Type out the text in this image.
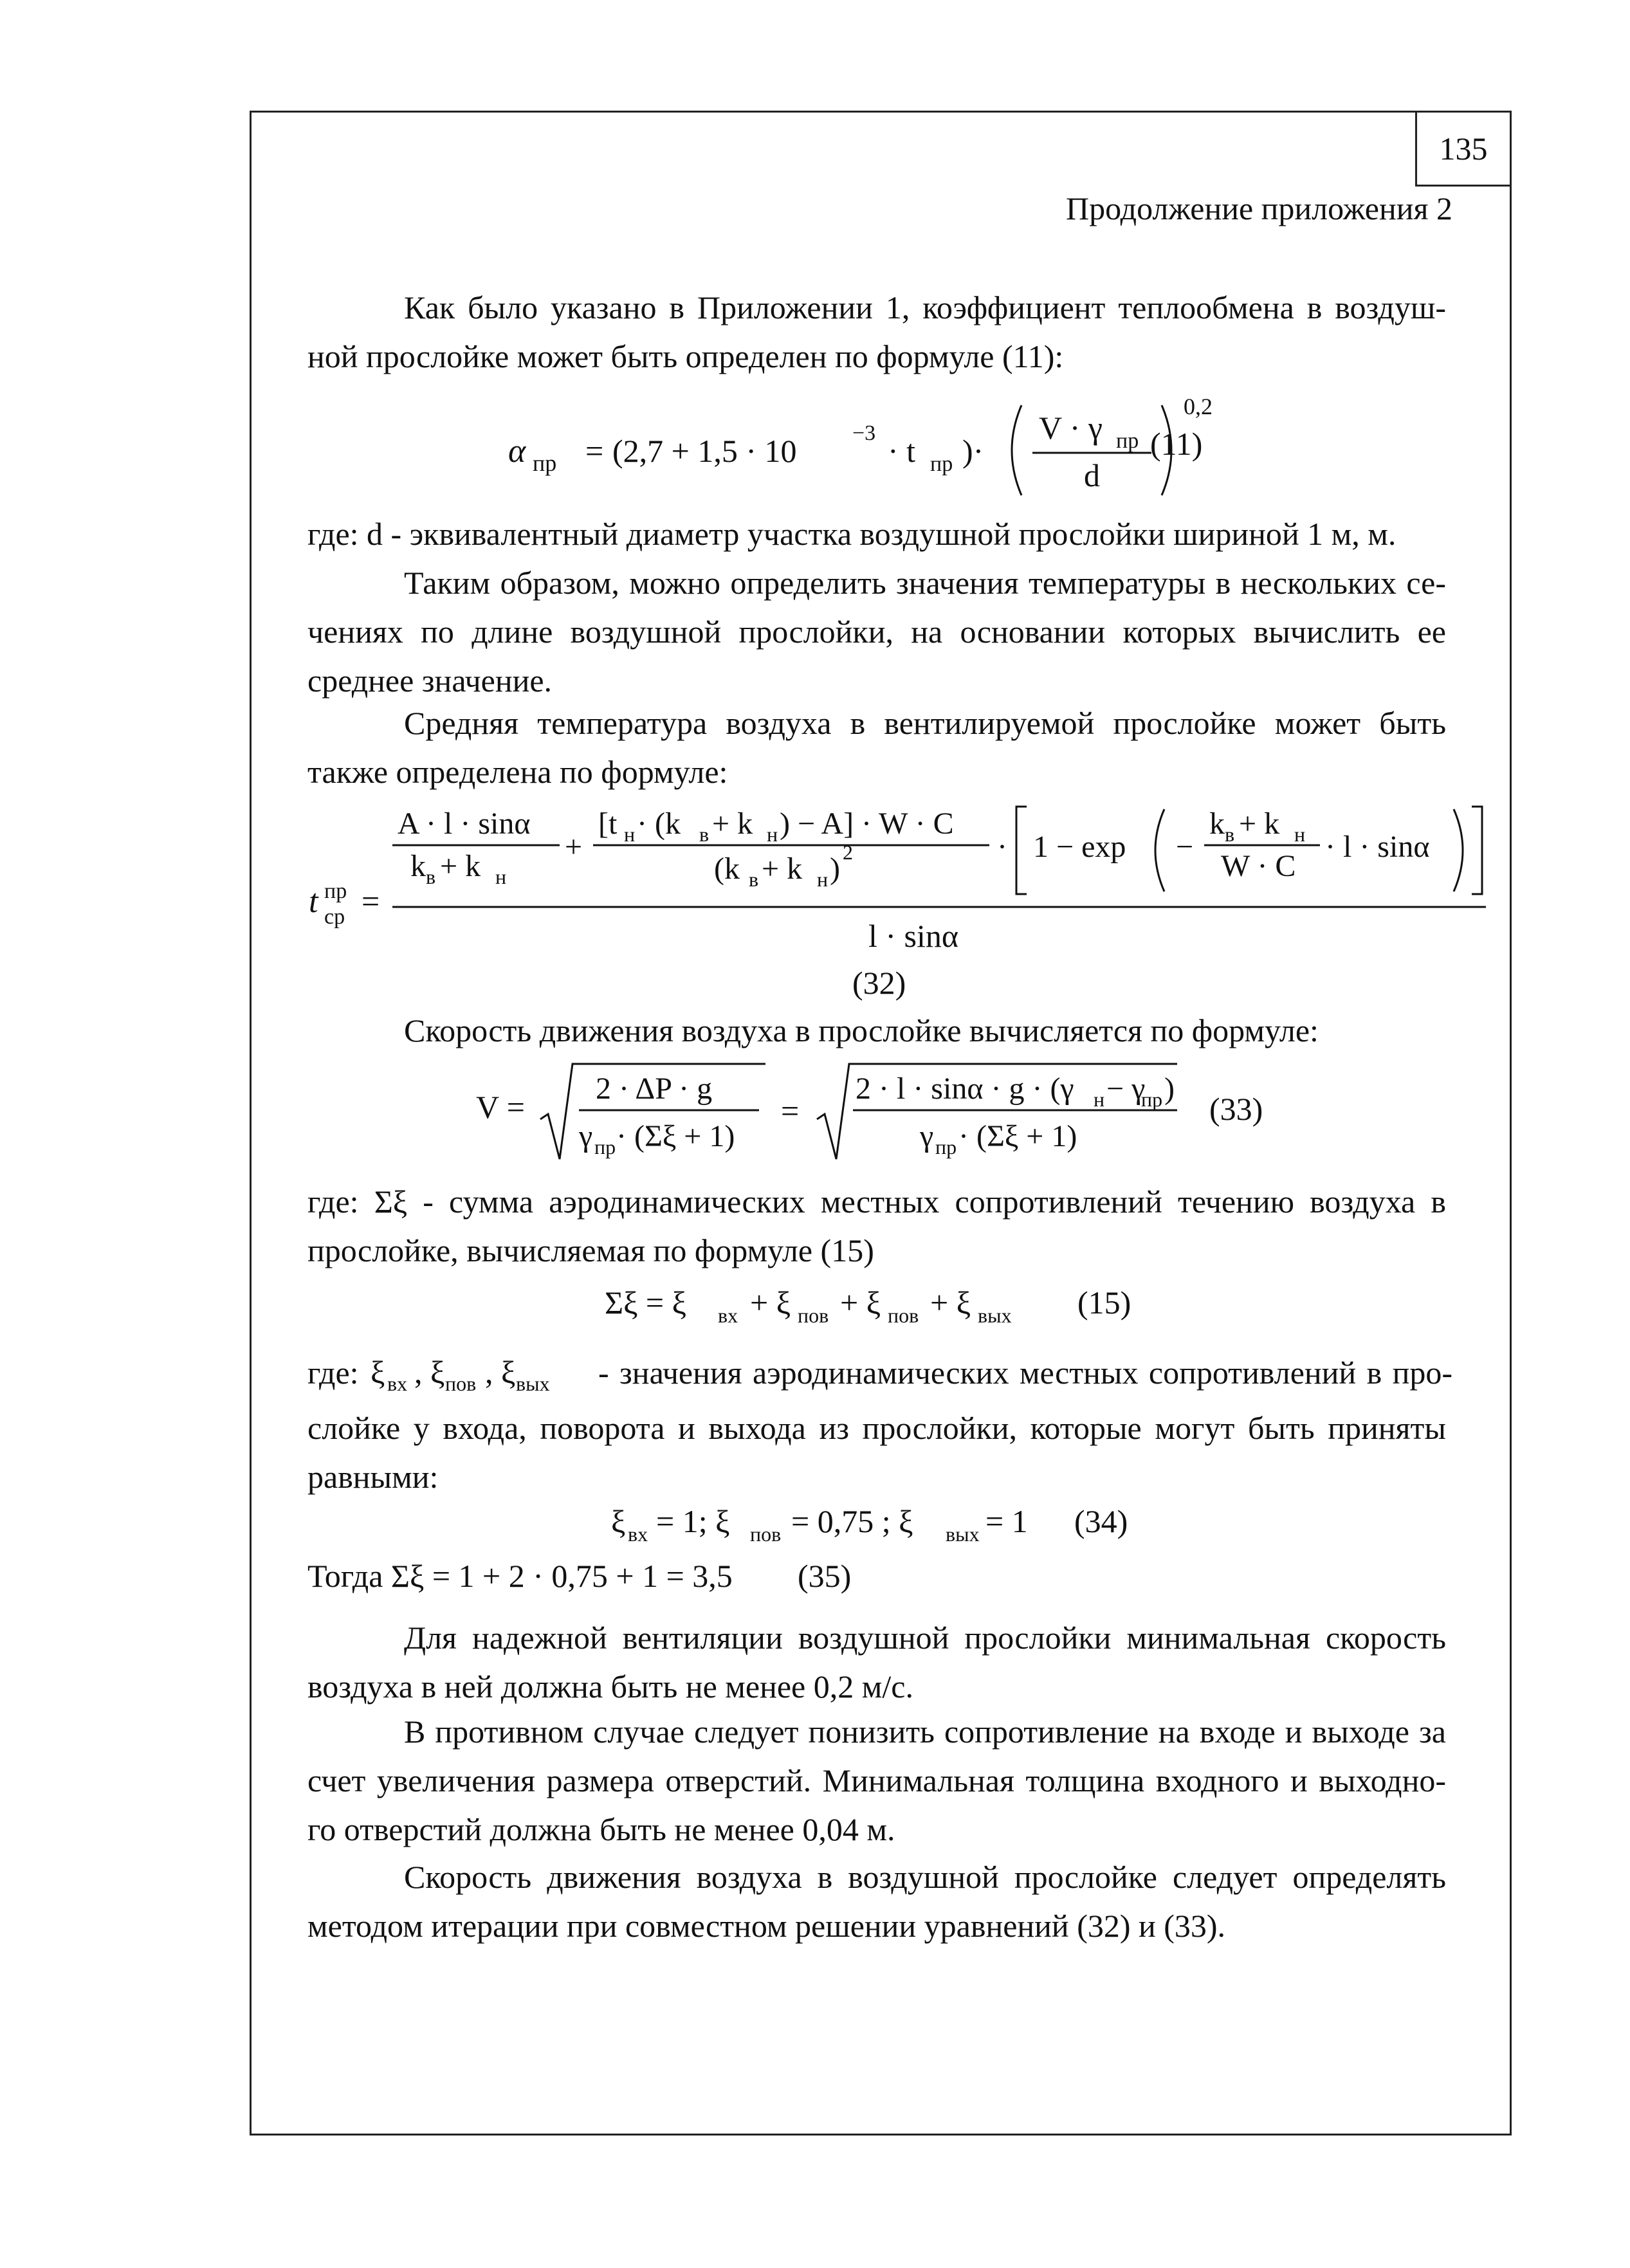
135
Продолжение приложения 2
Как было указано в Приложении 1, коэффициент теплообмена в воздуш-
ной прослойке может быть определен по формуле (11):
α пр = (2,7 + 1,5 · 10	−3 · t пр )·
V · γ пр
d
0,2
(11)
где: d - эквивалентный диаметр участка воздушной прослойки шириной 1 м, м.
Таким образом, можно определить значения температуры в нескольких се-
чениях по длине воздушной прослойки, на основании которых вычислить ее
среднее значение.
Средняя температура воздуха в вентилируемой прослойке может быть
также определена по формуле:
t пр
ср =
A · l · sinα
k в + k н
+
[t н · (k в + k н ) − A] · W · C
(k в + k н ) 2	· 1 − exp −
k в + k н
W · C
· l · sinα
l · sinα
(32)
Скорость движения воздуха в прослойке вычисляется по формуле:
V =
2 · ΔP · g
γ пр · (Σξ + 1)
=
2 · l · sinα · g · (γ н − γ
пр )
γ пр · (Σξ + 1)
(33)
где: Σξ - сумма аэродинамических местных сопротивлений течению воздуха в
прослойке, вычисляемая по формуле (15)
Σξ = ξ вх + ξ пов + ξ пов + ξ вых (15)
где: ξ вх , ξ пов , ξ вых - значения аэродинамических местных сопротивлений в про-
слойке у входа, поворота и выхода из прослойки, которые могут быть приняты
равными:
ξ вх = 1; ξ пов = 0,75 ; ξ вых = 1 (34)
Тогда Σξ = 1 + 2 · 0,75 + 1 = 3,5 (35)
Для надежной вентиляции воздушной прослойки минимальная скорость
воздуха в ней должна быть не менее 0,2 м/с.
В противном случае следует понизить сопротивление на входе и выходе за
счет увеличения размера отверстий. Минимальная толщина входного и выходно-
го отверстий должна быть не менее 0,04 м.
Скорость движения воздуха в воздушной прослойке следует определять
методом итерации при совместном решении уравнений (32) и (33).
